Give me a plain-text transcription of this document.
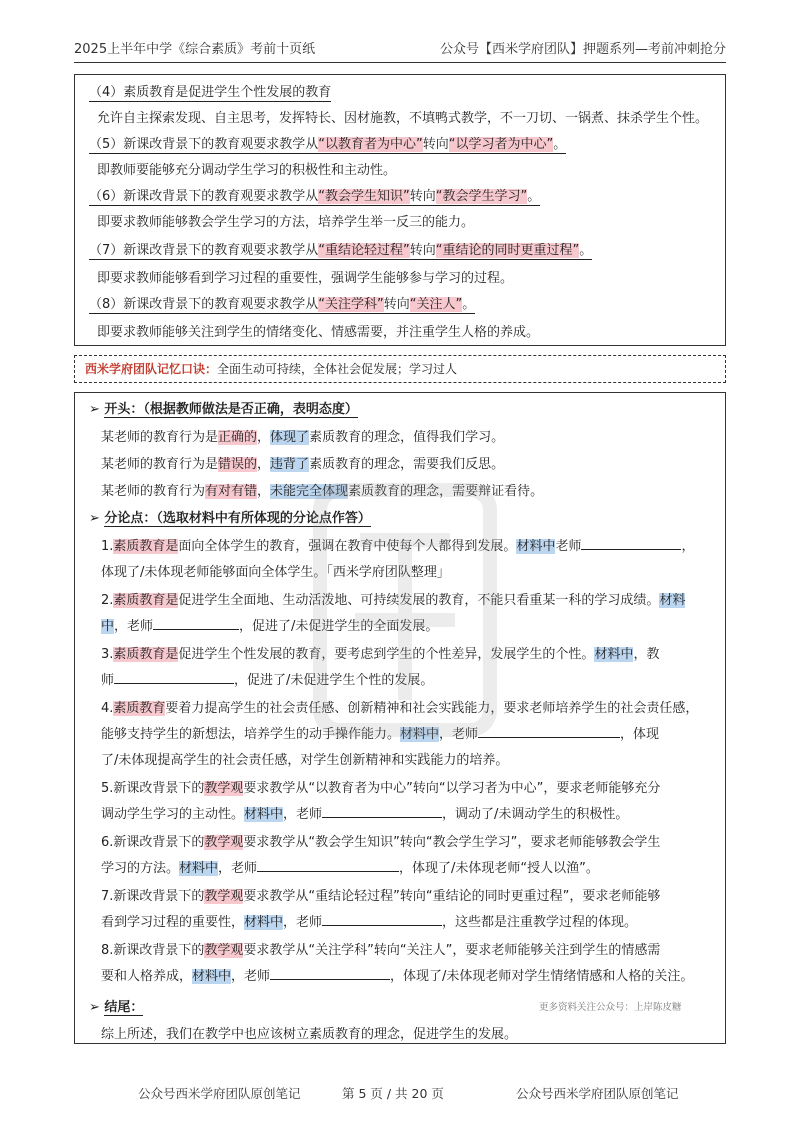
2025上半年中学《综合素质》考前十页纸	公众号【西米学府团队】押题系列—考前冲刺抢分
（4）素质教育是促进学生个性发展的教育
允许自主探索发现、自主思考，发挥特长、因材施教，不填鸭式教学，不一刀切、一锅煮、抹杀学生个性。
（5）新课改背景下的教育观要求教学从“以教育者为中心”转向“以学习者为中心”。
即教师要能够充分调动学生学习的积极性和主动性。
（6）新课改背景下的教育观要求教学从“教会学生知识”转向“教会学生学习”。
即要求教师能够教会学生学习的方法，培养学生举一反三的能力。
（7）新课改背景下的教育观要求教学从“重结论轻过程”转向“重结论的同时更重过程”。
即要求教师能够看到学习过程的重要性，强调学生能够参与学习的过程。
（8）新课改背景下的教育观要求教学从“关注学科”转向“关注人”。
即要求教师能够关注到学生的情绪变化、情感需要，并注重学生人格的养成。
西米学府团队记忆口诀：全面生动可持续，全体社会促发展；学习过人
➢ 开头：（根据教师做法是否正确，表明态度）
某老师的教育行为是正确的，体现了素质教育的理念，值得我们学习。
某老师的教育行为是错误的，违背了素质教育的理念，需要我们反思。
某老师的教育行为有对有错，未能完全体现素质教育的理念，需要辩证看待。
➢ 分论点：（选取材料中有所体现的分论点作答）
1.素质教育是面向全体学生的教育，强调在教育中使每个人都得到发展。材料中老师	，
体现了/未体现老师能够面向全体学生。「西米学府团队整理」
2.素质教育是促进学生全面地、生动活泼地、可持续发展的教育，不能只看重某一科的学习成绩。材料
中，老师	，促进了/未促进学生的全面发展。
3.素质教育是促进学生个性发展的教育，要考虑到学生的个性差异，发展学生的个性。材料中，教
师	，促进了/未促进学生个性的发展。
4.素质教育要着力提高学生的社会责任感、创新精神和社会实践能力，要求老师培养学生的社会责任感，
能够支持学生的新想法，培养学生的动手操作能力。材料中，老师	，体现
了/未体现提高学生的社会责任感，对学生创新精神和实践能力的培养。
5.新课改背景下的教学观要求教学从“以教育者为中心”转向“以学习者为中心”，要求老师能够充分
调动学生学习的主动性。材料中，老师	，调动了/未调动学生的积极性。
6.新课改背景下的教学观要求教学从“教会学生知识”转向“教会学生学习”，要求老师能够教会学生
学习的方法。材料中，老师	，体现了/未体现老师“授人以渔”。
7.新课改背景下的教学观要求教学从“重结论轻过程”转向“重结论的同时更重过程”，要求老师能够
看到学习过程的重要性，材料中，老师	，这些都是注重教学过程的体现。
8.新课改背景下的教学观要求教学从“关注学科”转向“关注人”，要求老师能够关注到学生的情感需
要和人格养成，材料中，老师	，体现了/未体现老师对学生情绪情感和人格的关注。
➢ 结尾：	更多资料关注公众号：上岸陈皮糖
综上所述，我们在教学中也应该树立素质教育的理念，促进学生的发展。
公众号西米学府团队原创笔记	第 5 页 / 共 20 页	公众号西米学府团队原创笔记
